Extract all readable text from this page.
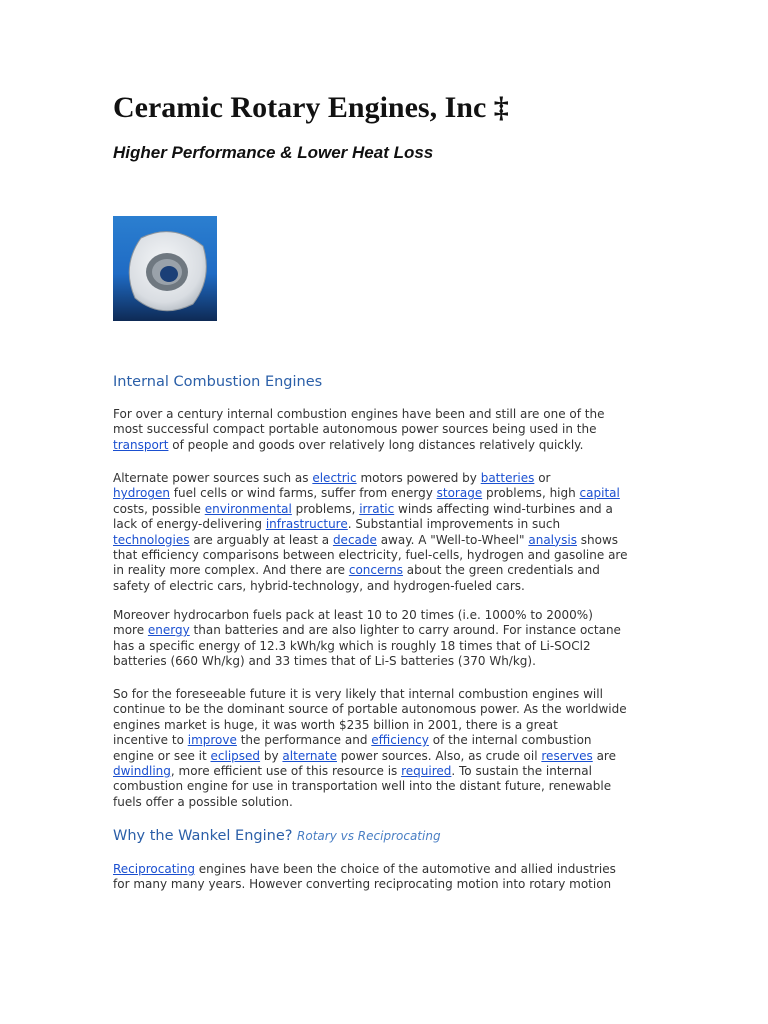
Ceramic Rotary Engines, Inc ‡
Higher Performance & Lower Heat Loss
Internal Combustion Engines

For over a century internal combustion engines have been and still are one of the
most successful compact portable autonomous power sources being used in the
transport of people and goods over relatively long distances relatively quickly.

Alternate power sources such as electric motors powered by batteries or
hydrogen fuel cells or wind farms, suffer from energy storage problems, high capital
costs, possible environmental problems, irratic winds affecting wind-turbines and a
lack of energy-delivering infrastructure. Substantial improvements in such
technologies are arguably at least a decade away. A "Well-to-Wheel" analysis shows
that efficiency comparisons between electricity, fuel-cells, hydrogen and gasoline are
in reality more complex. And there are concerns about the green credentials and
safety of electric cars, hybrid-technology, and hydrogen-fueled cars.

Moreover hydrocarbon fuels pack at least 10 to 20 times (i.e. 1000% to 2000%)
more energy than batteries and are also lighter to carry around. For instance octane
has a specific energy of 12.3 kWh/kg which is roughly 18 times that of Li-SOCl2
batteries (660 Wh/kg) and 33 times that of Li-S batteries (370 Wh/kg).

So for the foreseeable future it is very likely that internal combustion engines will
continue to be the dominant source of portable autonomous power. As the worldwide
engines market is huge, it was worth $235 billion in 2001, there is a great
incentive to improve the performance and efficiency of the internal combustion
engine or see it eclipsed by alternate power sources. Also, as crude oil reserves are
dwindling, more efficient use of this resource is required. To sustain the internal
combustion engine for use in transportation well into the distant future, renewable
fuels offer a possible solution.

Why the Wankel Engine? Rotary vs Reciprocating

Reciprocating engines have been the choice of the automotive and allied industries
for many many years. However converting reciprocating motion into rotary motion
